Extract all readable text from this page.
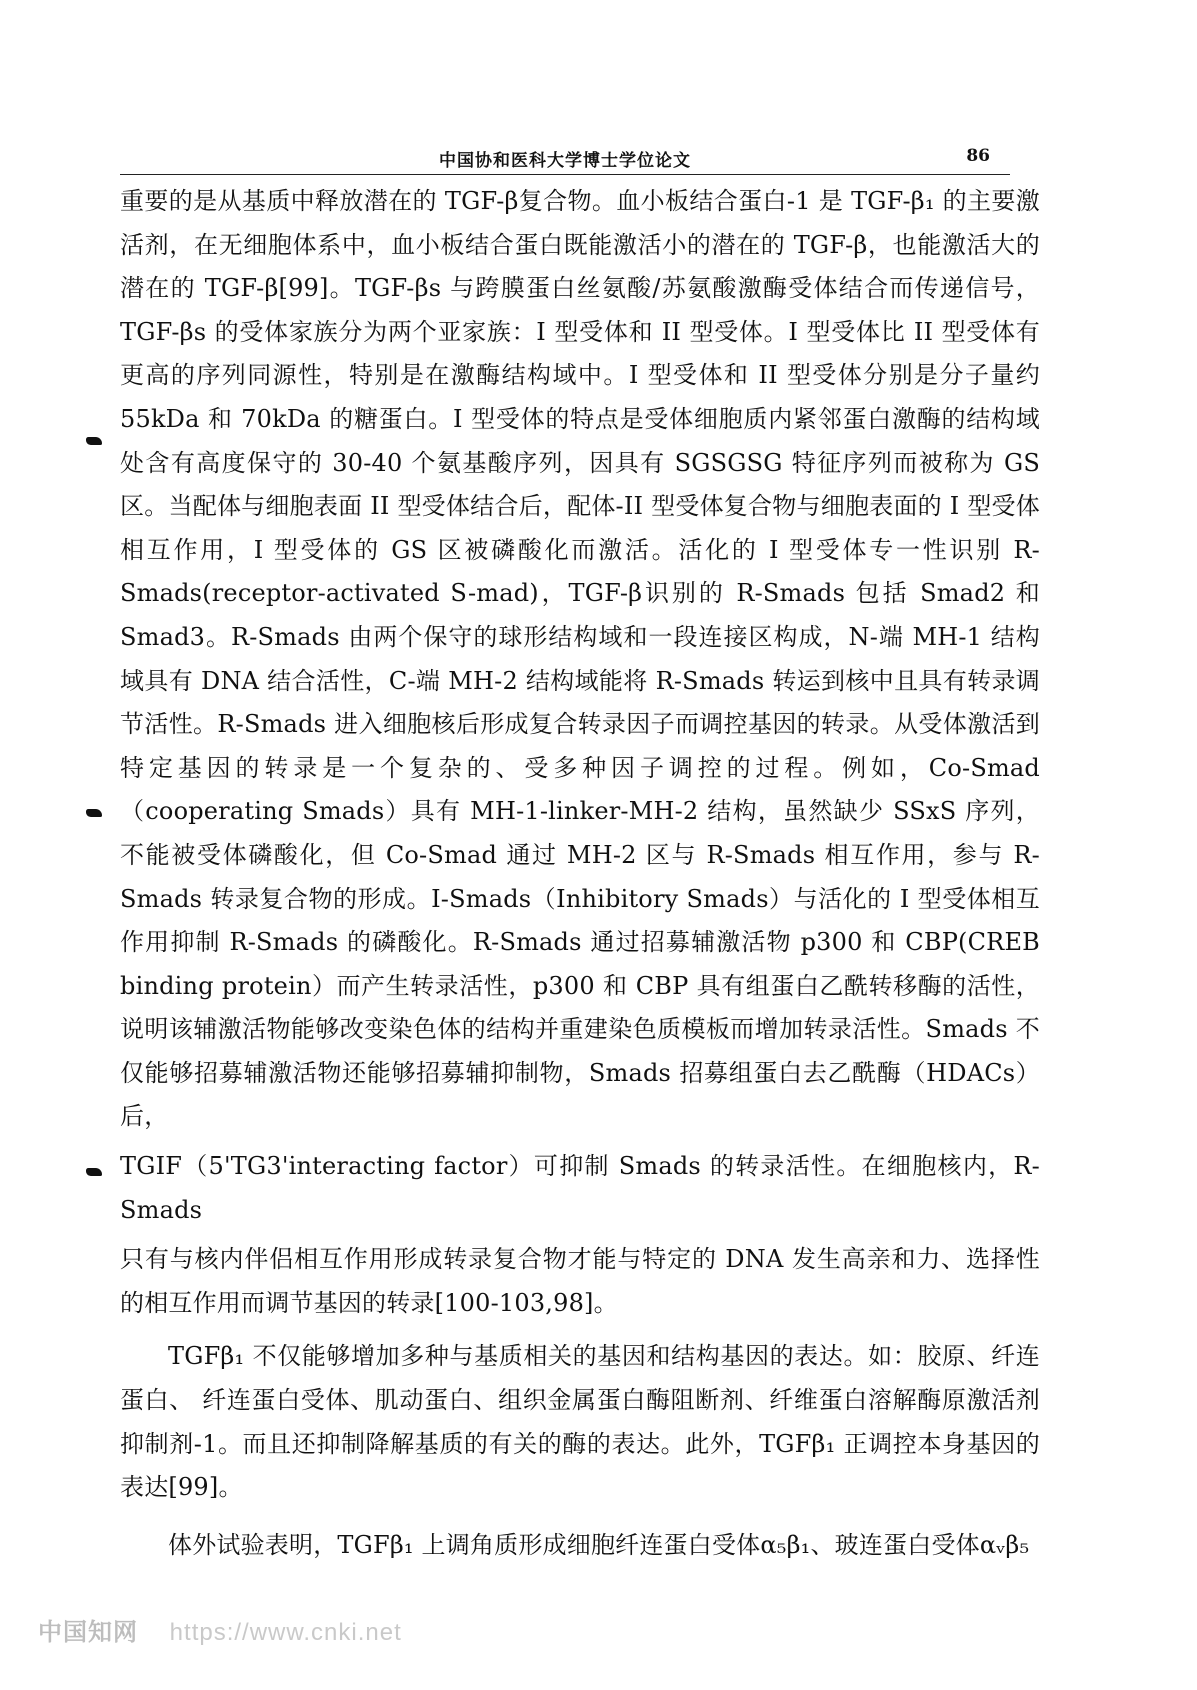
中国协和医科大学博士学位论文	86

重要的是从基质中释放潜在的 TGF-β复合物。血小板结合蛋白-1 是 TGF-β₁ 的主要激活剂，在无细胞体系中，血小板结合蛋白既能激活小的潜在的 TGF-β，也能激活大的潜在的 TGF-β[99]。TGF-βs 与跨膜蛋白丝氨酸/苏氨酸激酶受体结合而传递信号，TGF-βs 的受体家族分为两个亚家族：I 型受体和 II 型受体。I 型受体比 II 型受体有更高的序列同源性，特别是在激酶结构域中。I 型受体和 II 型受体分别是分子量约 55kDa 和 70kDa 的糖蛋白。I 型受体的特点是受体细胞质内紧邻蛋白激酶的结构域处含有高度保守的 30-40 个氨基酸序列，因具有 SGSGSG 特征序列而被称为 GS 区。当配体与细胞表面 II 型受体结合后，配体-II 型受体复合物与细胞表面的 I 型受体相互作用，I 型受体的 GS 区被磷酸化而激活。活化的 I 型受体专一性识别 R-Smads(receptor-activated S-mad)，TGF-β识别的 R-Smads 包括 Smad2 和 Smad3。R-Smads 由两个保守的球形结构域和一段连接区构成，N-端 MH-1 结构域具有 DNA 结合活性，C-端 MH-2 结构域能将 R-Smads 转运到核中且具有转录调节活性。R-Smads 进入细胞核后形成复合转录因子而调控基因的转录。从受体激活到特定基因的转录是一个复杂的、受多种因子调控的过程。例如，Co-Smad（cooperating Smads）具有 MH-1-linker-MH-2 结构，虽然缺少 SSxS 序列，不能被受体磷酸化，但 Co-Smad 通过 MH-2 区与 R-Smads 相互作用，参与 R-Smads 转录复合物的形成。I-Smads（Inhibitory Smads）与活化的 I 型受体相互作用抑制 R-Smads 的磷酸化。R-Smads 通过招募辅激活物 p300 和 CBP(CREB binding protein）而产生转录活性，p300 和 CBP 具有组蛋白乙酰转移酶的活性，说明该辅激活物能够改变染色体的结构并重建染色质模板而增加转录活性。Smads 不仅能够招募辅激活物还能够招募辅抑制物，Smads 招募组蛋白去乙酰酶（HDACs）后，

TGIF（5'TG3'interacting factor）可抑制 Smads 的转录活性。在细胞核内，R-Smads

只有与核内伴侣相互作用形成转录复合物才能与特定的 DNA 发生高亲和力、选择性的相互作用而调节基因的转录[100-103,98]。

TGFβ₁ 不仅能够增加多种与基质相关的基因和结构基因的表达。如：胶原、纤连蛋白、 纤连蛋白受体、肌动蛋白、组织金属蛋白酶阻断剂、纤维蛋白溶解酶原激活剂抑制剂-1。而且还抑制降解基质的有关的酶的表达。此外，TGFβ₁ 正调控本身基因的表达[99]。

体外试验表明，TGFβ₁ 上调角质形成细胞纤连蛋白受体α₅β₁、玻连蛋白受体αᵥβ₅

中国知网 https://www.cnki.net
